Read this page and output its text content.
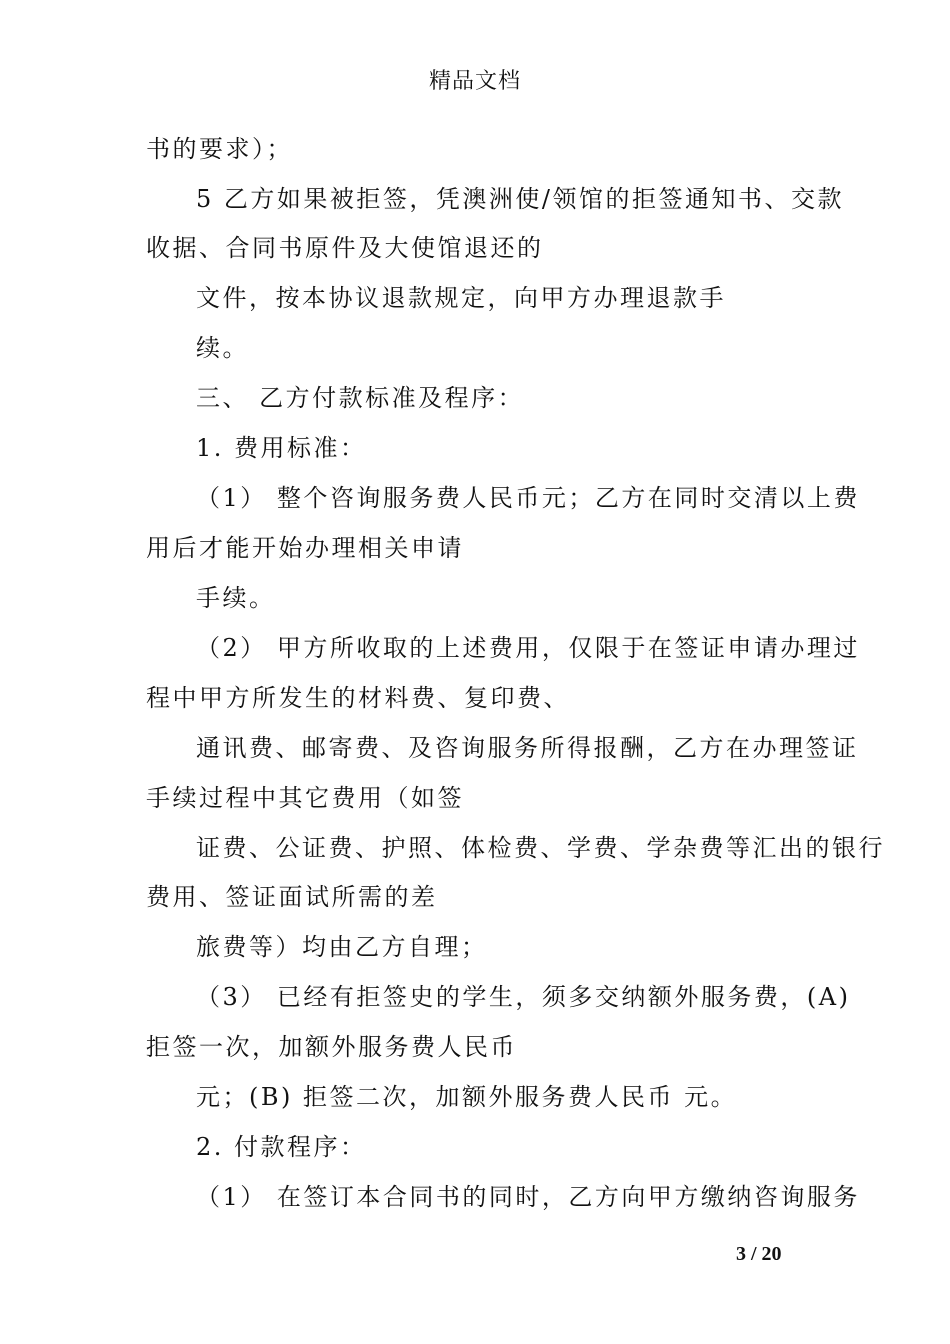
精品文档
书的要求）；
5 乙方如果被拒签，凭澳洲使/领馆的拒签通知书、交款
收据、合同书原件及大使馆退还的
文件，按本协议退款规定，向甲方办理退款手
续。
三、 乙方付款标准及程序：
1. 费用标准：
（1） 整个咨询服务费人民币元；乙方在同时交清以上费
用后才能开始办理相关申请
手续。
（2） 甲方所收取的上述费用，仅限于在签证申请办理过
程中甲方所发生的材料费、复印费、
通讯费、邮寄费、及咨询服务所得报酬，乙方在办理签证
手续过程中其它费用（如签
证费、公证费、护照、体检费、学费、学杂费等汇出的银行
费用、签证面试所需的差
旅费等）均由乙方自理；
（3） 已经有拒签史的学生，须多交纳额外服务费，(A)
拒签一次，加额外服务费人民币
元；(B) 拒签二次，加额外服务费人民币 元。
2. 付款程序：
（1） 在签订本合同书的同时，乙方向甲方缴纳咨询服务
3 / 20
